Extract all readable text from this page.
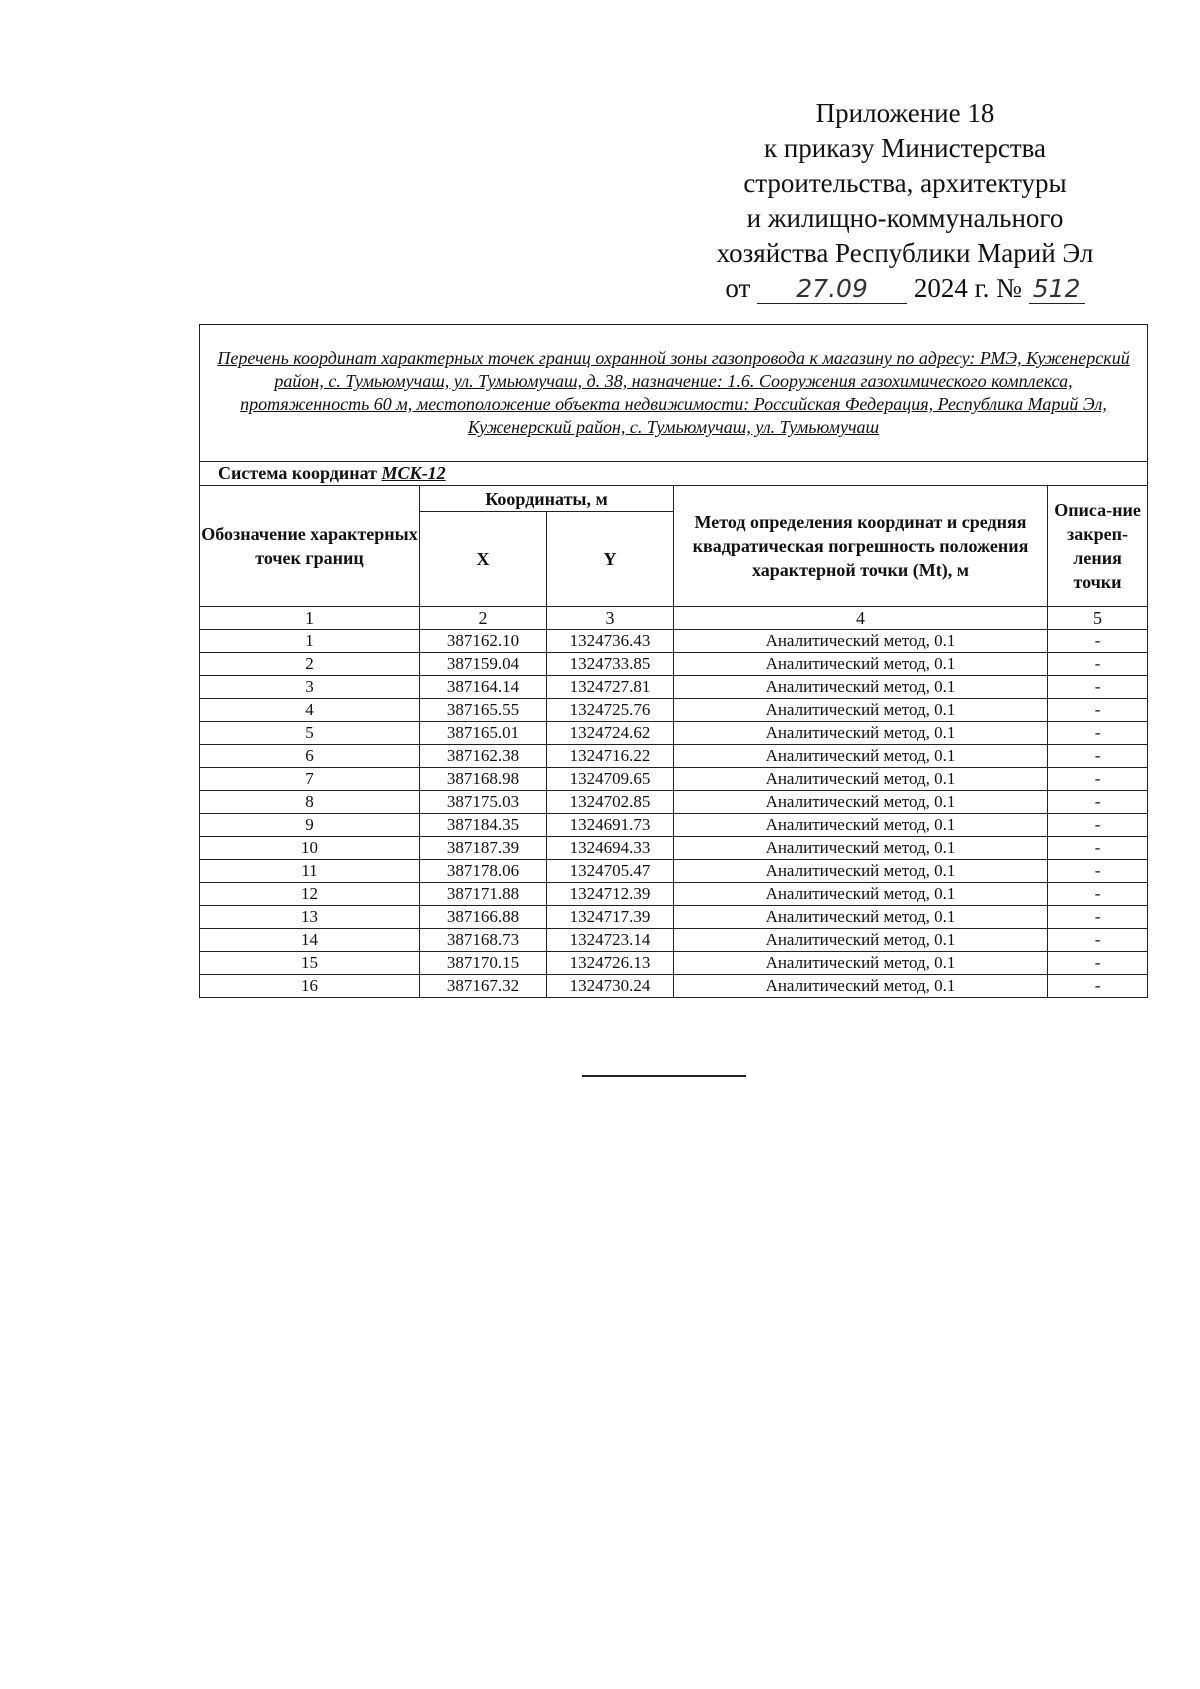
Приложение 18
к приказу Министерства
строительства, архитектуры
и жилищно-коммунального
хозяйства Республики Марий Эл
от 27.09 2024 г. № 512
Перечень координат характерных точек границ охранной зоны газопровода к магазину по адресу: РМЭ, Куженерский район, с. Тумьюмучаш, ул. Тумьюмучаш, д. 38, назначение: 1.6. Сооружения газохимического комплекса, протяженность 60 м, местоположение объекта недвижимости: Российская Федерация, Республика Марий Эл, Куженерский район, с. Тумьюмучаш, ул. Тумьюмучаш				
Система координат МСК-12				
Обозначение характерных точек границ	Координаты, м		Метод определения координат и средняя квадратическая погрешность положения характерной точки (Mt), м	Описа-ние закреп-ления точки
	X	Y		
1	2	3	4	5
1	387162.10	1324736.43	Аналитический метод, 0.1	-
2	387159.04	1324733.85	Аналитический метод, 0.1	-
3	387164.14	1324727.81	Аналитический метод, 0.1	-
4	387165.55	1324725.76	Аналитический метод, 0.1	-
5	387165.01	1324724.62	Аналитический метод, 0.1	-
6	387162.38	1324716.22	Аналитический метод, 0.1	-
7	387168.98	1324709.65	Аналитический метод, 0.1	-
8	387175.03	1324702.85	Аналитический метод, 0.1	-
9	387184.35	1324691.73	Аналитический метод, 0.1	-
10	387187.39	1324694.33	Аналитический метод, 0.1	-
11	387178.06	1324705.47	Аналитический метод, 0.1	-
12	387171.88	1324712.39	Аналитический метод, 0.1	-
13	387166.88	1324717.39	Аналитический метод, 0.1	-
14	387168.73	1324723.14	Аналитический метод, 0.1	-
15	387170.15	1324726.13	Аналитический метод, 0.1	-
16	387167.32	1324730.24	Аналитический метод, 0.1	-
